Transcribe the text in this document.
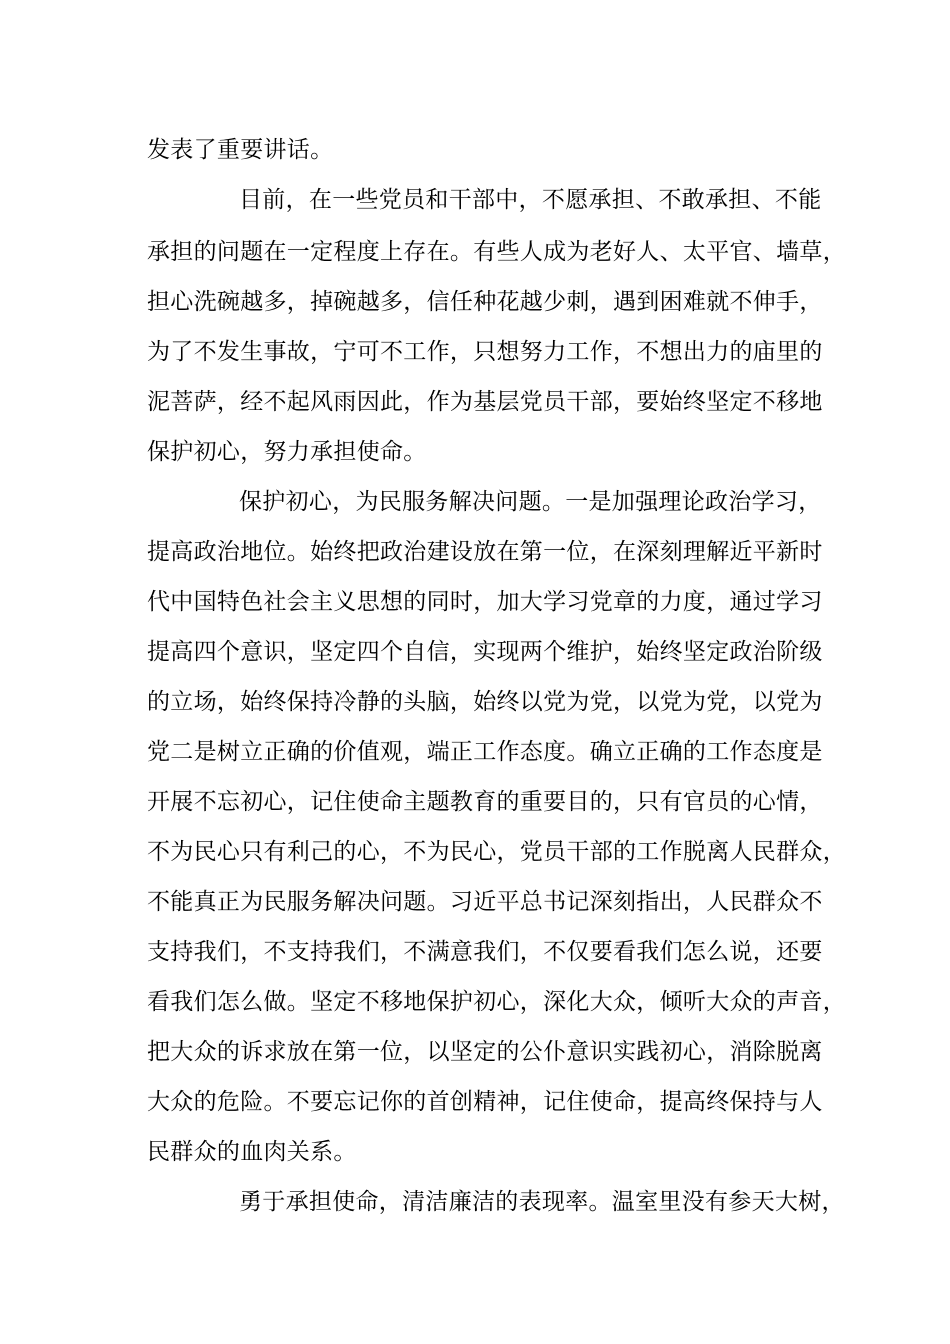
发表了重要讲话。
目前，在一些党员和干部中，不愿承担、不敢承担、不能
承担的问题在一定程度上存在。有些人成为老好人、太平官、墙草，
担心洗碗越多，掉碗越多，信任种花越少刺，遇到困难就不伸手，
为了不发生事故，宁可不工作，只想努力工作，不想出力的庙里的
泥菩萨，经不起风雨因此，作为基层党员干部，要始终坚定不移地
保护初心，努力承担使命。
保护初心，为民服务解决问题。一是加强理论政治学习，
提高政治地位。始终把政治建设放在第一位，在深刻理解近平新时
代中国特色社会主义思想的同时，加大学习党章的力度，通过学习
提高四个意识，坚定四个自信，实现两个维护，始终坚定政治阶级
的立场，始终保持冷静的头脑，始终以党为党，以党为党，以党为
党二是树立正确的价值观，端正工作态度。确立正确的工作态度是
开展不忘初心，记住使命主题教育的重要目的，只有官员的心情，
不为民心只有利己的心，不为民心，党员干部的工作脱离人民群众，
不能真正为民服务解决问题。习近平总书记深刻指出，人民群众不
支持我们，不支持我们，不满意我们，不仅要看我们怎么说，还要
看我们怎么做。坚定不移地保护初心，深化大众，倾听大众的声音，
把大众的诉求放在第一位，以坚定的公仆意识实践初心，消除脱离
大众的危险。不要忘记你的首创精神，记住使命，提高终保持与人
民群众的血肉关系。
勇于承担使命，清洁廉洁的表现率。温室里没有参天大树，
